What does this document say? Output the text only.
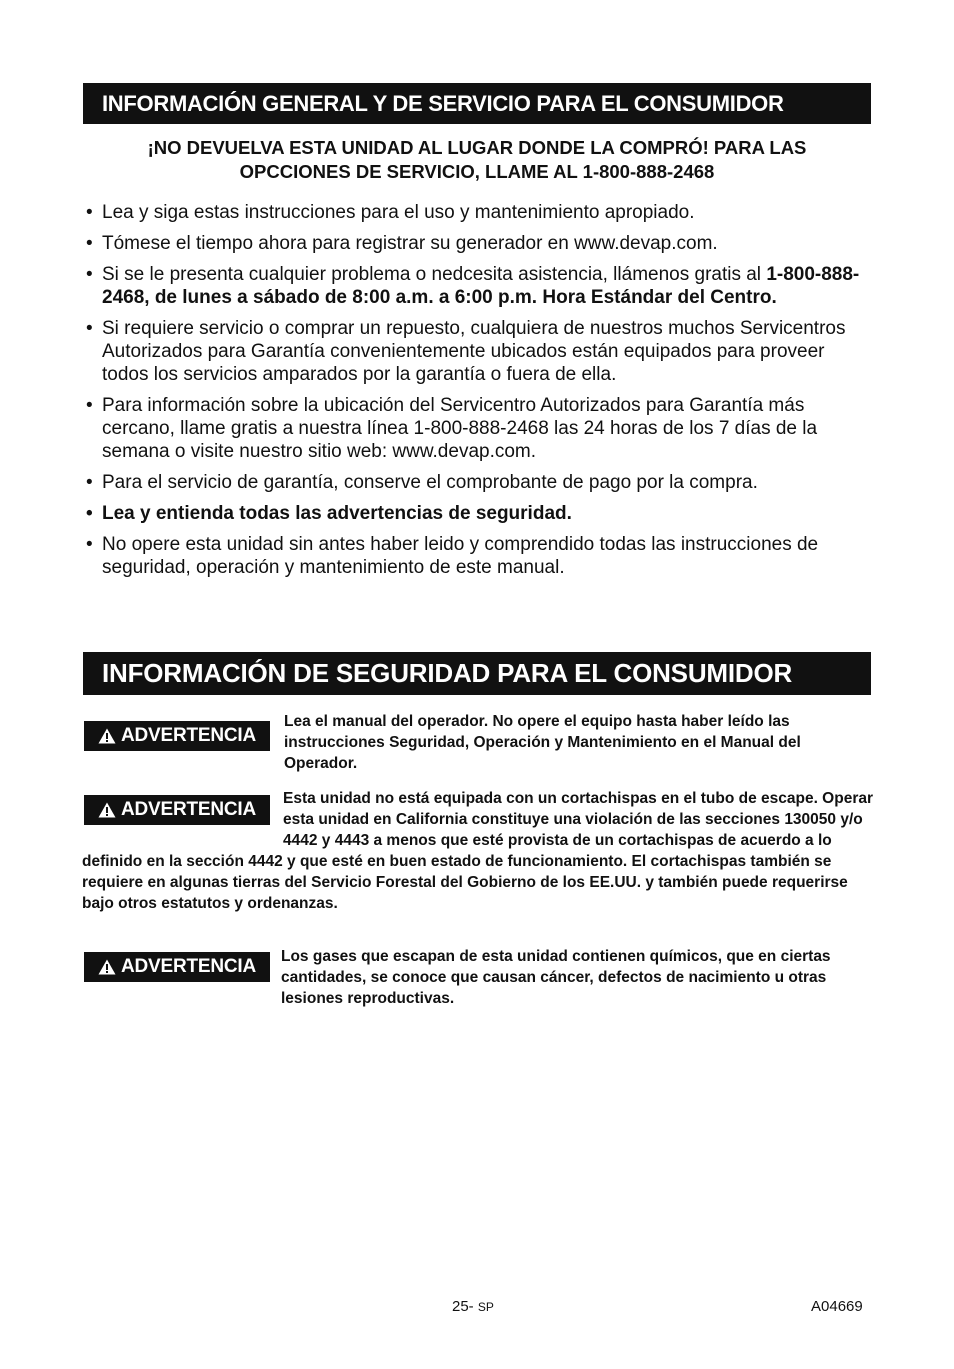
INFORMACIÓN GENERAL Y DE SERVICIO PARA EL CONSUMIDOR
¡NO DEVUELVA ESTA UNIDAD AL LUGAR DONDE LA COMPRÓ! PARA LAS
OPCCIONES DE SERVICIO, LLAME AL 1-800-888-2468
• Lea y siga estas instrucciones para el uso y mantenimiento apropiado.
• Tómese el tiempo ahora para registrar su generador en www.devap.com.
• Si se le presenta cualquier problema o nedcesita asistencia, llámenos gratis al 1-800-888-2468, de lunes a sábado de 8:00 a.m. a 6:00 p.m. Hora Estándar del Centro.
• Si requiere servicio o comprar un repuesto, cualquiera de nuestros muchos Servicentros Autorizados para Garantía convenientemente ubicados están equipados para proveer todos los servicios amparados por la garantía o fuera de ella.
• Para información sobre la ubicación del Servicentro Autorizados para Garantía más cercano, llame gratis a nuestra línea 1-800-888-2468 las 24 horas de los 7 días de la semana o visite nuestro sitio web: www.devap.com.
• Para el servicio de garantía, conserve el comprobante de pago por la compra.
• Lea y entienda todas las advertencias de seguridad.
• No opere esta unidad sin antes haber leido y comprendido todas las instrucciones de seguridad, operación y mantenimiento de este manual.
INFORMACIÓN DE SEGURIDAD PARA EL CONSUMIDOR
ADVERTENCIA
Lea el manual del operador. No opere el equipo hasta haber leído las instrucciones Seguridad, Operación y Mantenimiento en el Manual del Operador.
ADVERTENCIA
Esta unidad no está equipada con un cortachispas en el tubo de escape. Operar esta unidad en California constituye una violación de las secciones 130050 y/o 4442 y 4443 a menos que esté provista de un cortachispas de acuerdo a lo definido en la sección 4442 y que esté en buen estado de funcionamiento. El cortachispas también se requiere en algunas tierras del Servicio Forestal del Gobierno de los EE.UU. y también puede requerirse bajo otros estatutos y ordenanzas.
ADVERTENCIA Los gases que escapan de esta unidad contienen químicos, que en ciertas cantidades, se conoce que causan cáncer, defectos de nacimiento u otras lesiones reproductivas.
25- SP	A04669
